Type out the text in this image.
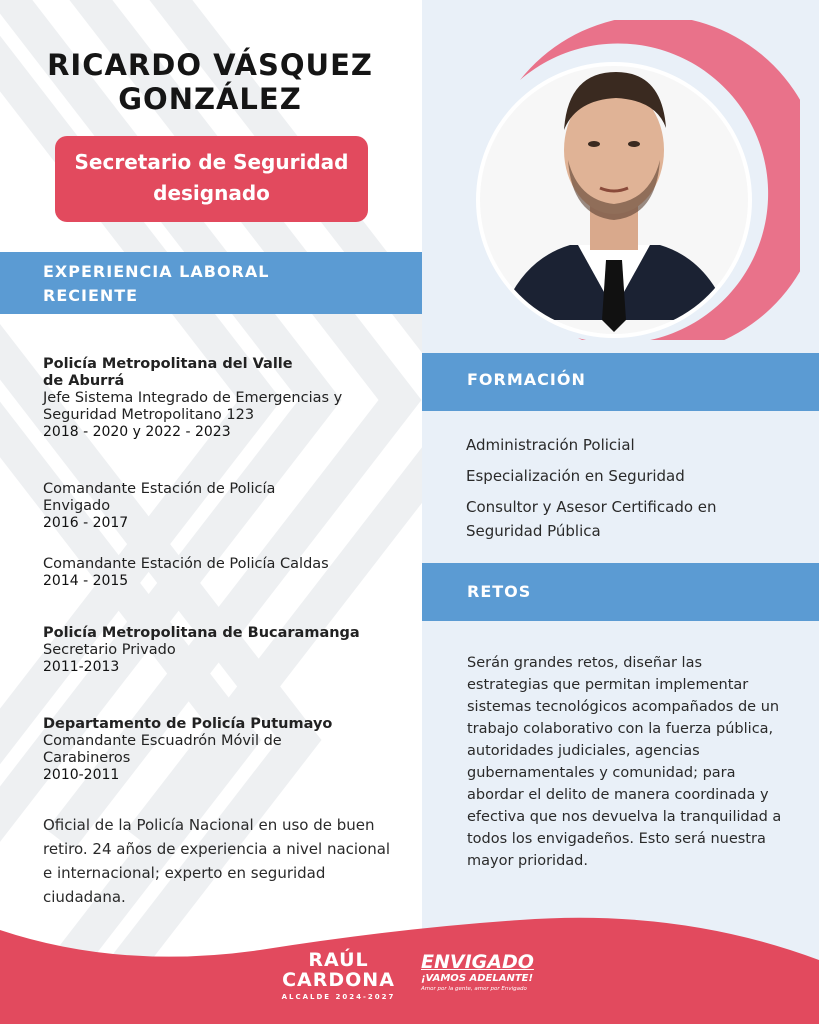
RICARDO VÁSQUEZ
GONZÁLEZ
Secretario de Seguridad
designado
EXPERIENCIA LABORAL
RECIENTE
Policía Metropolitana del Valle
de Aburrá
Jefe Sistema Integrado de Emergencias y
Seguridad Metropolitano 123
2018 - 2020 y 2022 - 2023
Comandante Estación de Policía
Envigado
2016 - 2017
Comandante Estación de Policía Caldas
2014 - 2015
Policía Metropolitana de Bucaramanga
Secretario Privado
2011-2013
Departamento de Policía Putumayo
Comandante Escuadrón Móvil de
Carabineros
2010-2011
Oficial de la Policía Nacional en uso de buen retiro. 24 años de experiencia a nivel nacional e internacional; experto en seguridad ciudadana.
FORMACIÓN
Administración Policial
Especialización en Seguridad
Consultor y Asesor Certificado en Seguridad Pública
RETOS
Serán grandes retos, diseñar las estrategias que permitan implementar sistemas tecnológicos acompañados de un trabajo colaborativo con la fuerza pública, autoridades judiciales, agencias gubernamentales y comunidad; para abordar el delito de manera coordinada y efectiva que nos devuelva la tranquilidad a todos los envigadeños. Esto será nuestra mayor prioridad.
RAÚL
CARDONA
ALCALDE 2024-2027
ENVIGADO
¡VAMOS ADELANTE!
Amor por la gente, amor por Envigado
